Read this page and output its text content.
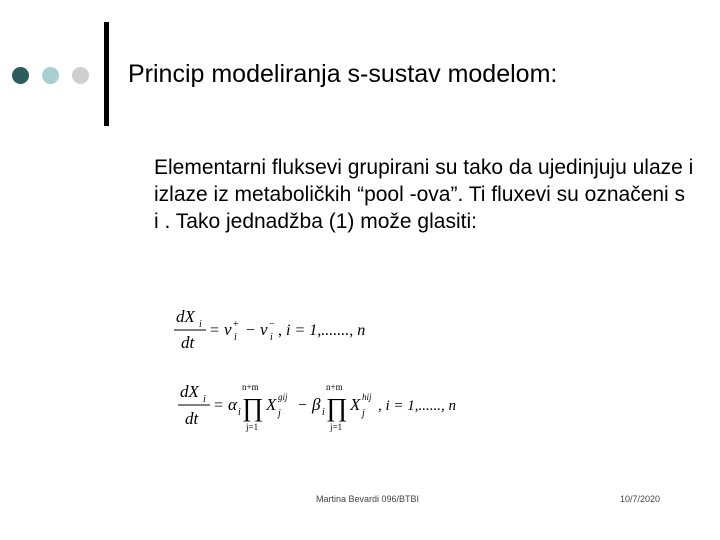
Princip modeliranja s-sustav modelom:
Elementarni fluksevi grupirani su tako da ujedinjuju ulaze i izlaze iz metaboličkih “pool -ova”. Ti fluxevi su označeni s i . Tako jednadžba (1) može glasiti:
dX i
dt
= v +
i − v −
i , i = 1,......., n
dX i
dt
= α i
n+m
∏
j=1
X gij
j − β i
n+m
∏
j=1
X hij
j , i = 1,......, n
Martina Bevardi 096/BTBI	10/7/2020
